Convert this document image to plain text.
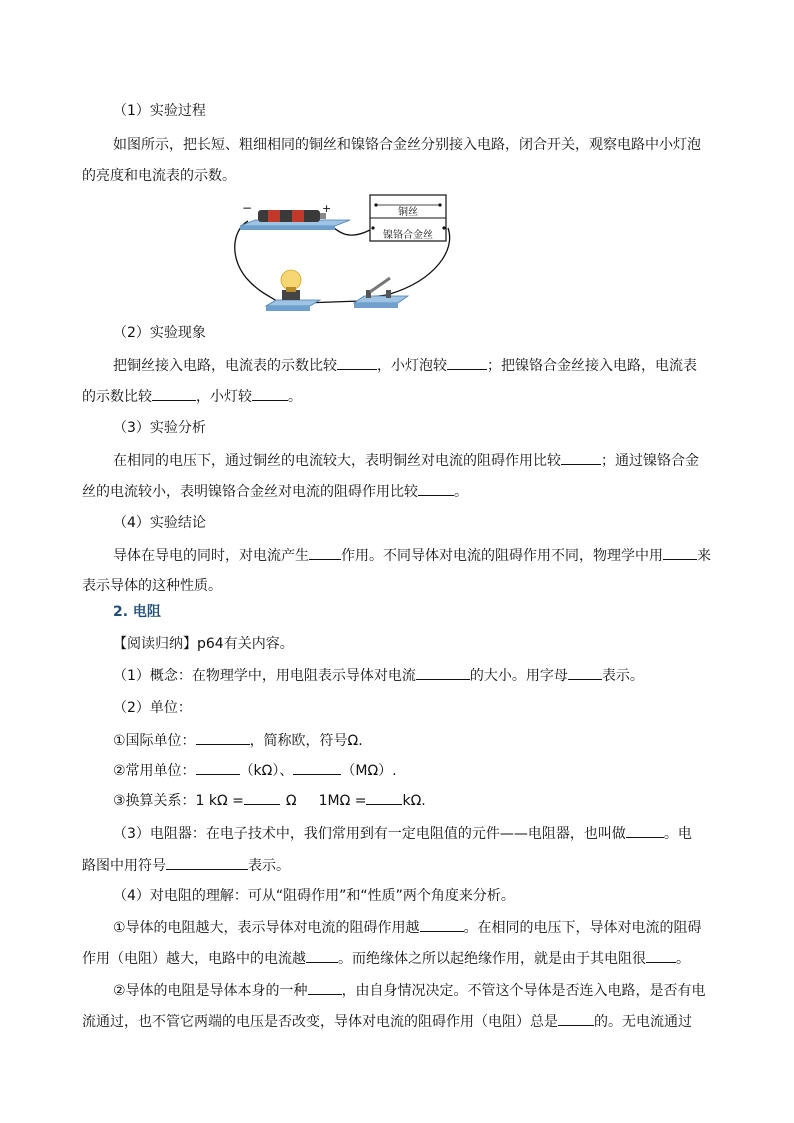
（1）实验过程
如图所示，把长短、粗细相同的铜丝和镍铬合金丝分别接入电路，闭合开关，观察电路中小灯泡
的亮度和电流表的示数。
−	+	铜丝
镍铬合金丝
（2）实验现象
把铜丝接入电路，电流表的示数比较	，小灯泡较	；把镍铬合金丝接入电路，电流表
的示数比较	，小灯较	。
（3）实验分析
在相同的电压下，通过铜丝的电流较大，表明铜丝对电流的阻碍作用比较	；通过镍铬合金
丝的电流较小，表明镍铬合金丝对电流的阻碍作用比较	。
（4）实验结论
导体在导电的同时，对电流产生 作用。不同导体对电流的阻碍作用不同，物理学中用 来
表示导体的这种性质。
2. 电阻
【阅读归纳】p64有关内容。
（1）概念：在物理学中，用电阻表示导体对电流	的大小。用字母 表示。
（2）单位：
①国际单位：	，简称欧，符号Ω.
②常用单位：	（kΩ）、	（MΩ）.
③换算关系：1 kΩ =	Ω 1MΩ =	kΩ.
（3）电阻器：在电子技术中，我们常用到有一定电阻值的元件——电阻器，也叫做	。电
路图中用符号	表示。
（4）对电阻的理解：可从“阻碍作用”和“性质”两个角度来分析。
①导体的电阻越大，表示导体对电流的阻碍作用越	。在相同的电压下，导体对电流的阻碍
作用（电阻）越大，电路中的电流越 。而绝缘体之所以起绝缘作用，就是由于其电阻很 。
②导体的电阻是导体本身的一种 ，由自身情况决定。不管这个导体是否连入电路，是否有电
流通过，也不管它两端的电压是否改变，导体对电流的阻碍作用（电阻）总是	的。无电流通过
